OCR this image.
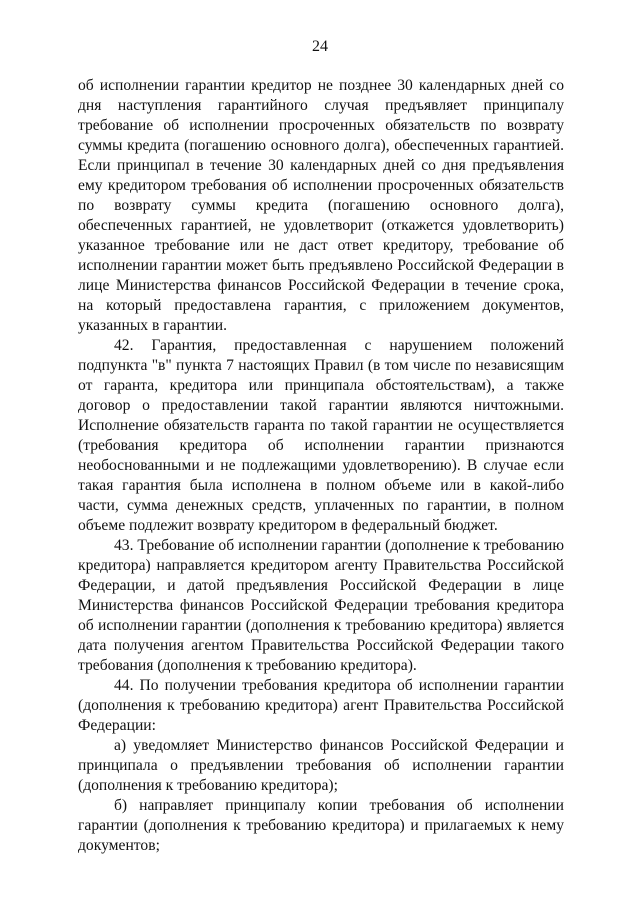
24

об исполнении гарантии кредитор не позднее 30 календарных дней со дня наступления гарантийного случая предъявляет принципалу требование об исполнении просроченных обязательств по возврату суммы кредита (погашению основного долга), обеспеченных гарантией. Если принципал в течение 30 календарных дней со дня предъявления ему кредитором требования об исполнении просроченных обязательств по возврату суммы кредита (погашению основного долга), обеспеченных гарантией, не удовлетворит (откажется удовлетворить) указанное требование или не даст ответ кредитору, требование об исполнении гарантии может быть предъявлено Российской Федерации в лице Министерства финансов Российской Федерации в течение срока, на который предоставлена гарантия, с приложением документов, указанных в гарантии.

42. Гарантия, предоставленная с нарушением положений подпункта "в" пункта 7 настоящих Правил (в том числе по независящим от гаранта, кредитора или принципала обстоятельствам), а также договор о предоставлении такой гарантии являются ничтожными. Исполнение обязательств гаранта по такой гарантии не осуществляется (требования кредитора об исполнении гарантии признаются необоснованными и не подлежащими удовлетворению). В случае если такая гарантия была исполнена в полном объеме или в какой-либо части, сумма денежных средств, уплаченных по гарантии, в полном объеме подлежит возврату кредитором в федеральный бюджет.

43. Требование об исполнении гарантии (дополнение к требованию кредитора) направляется кредитором агенту Правительства Российской Федерации, и датой предъявления Российской Федерации в лице Министерства финансов Российской Федерации требования кредитора об исполнении гарантии (дополнения к требованию кредитора) является дата получения агентом Правительства Российской Федерации такого требования (дополнения к требованию кредитора).

44. По получении требования кредитора об исполнении гарантии (дополнения к требованию кредитора) агент Правительства Российской Федерации:

а) уведомляет Министерство финансов Российской Федерации и принципала о предъявлении требования об исполнении гарантии (дополнения к требованию кредитора);

б) направляет принципалу копии требования об исполнении гарантии (дополнения к требованию кредитора) и прилагаемых к нему документов;
